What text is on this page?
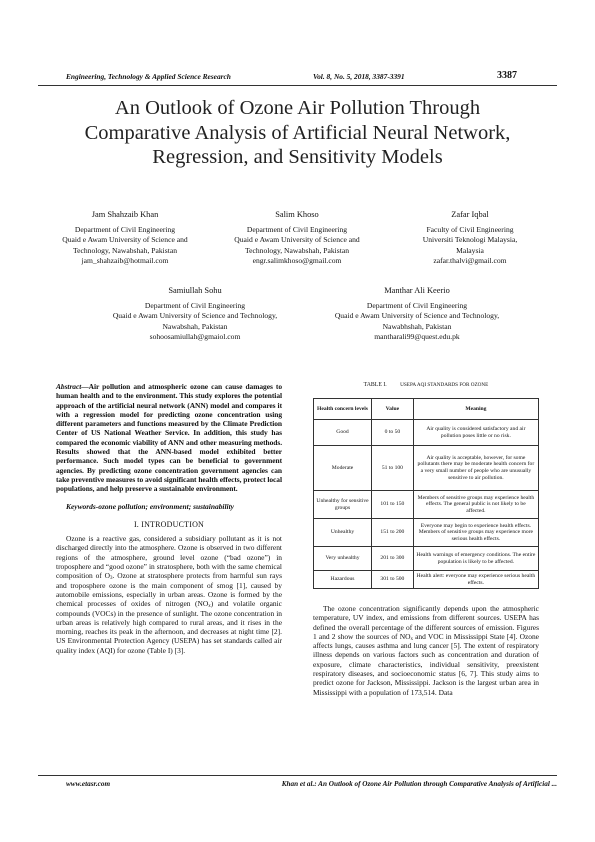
Engineering, Technology & Applied Science Research	Vol. 8, No. 5, 2018, 3387-3391	3387
An Outlook of Ozone Air Pollution Through
Comparative Analysis of Artificial Neural Network,
Regression, and Sensitivity Models
Jam Shahzaib Khan
Department of Civil Engineering
Quaid e Awam University of Science and
Technology, Nawabshah, Pakistan
jam_shahzaib@hotmail.com
Salim Khoso
Department of Civil Engineering
Quaid e Awam University of Science and
Technology, Nawabshah, Pakistan
engr.salimkhoso@gmail.com
Zafar Iqbal
Faculty of Civil Engineering
Universiti Teknologi Malaysia,
Malaysia
zafar.thalvi@gmail.com
Samiullah Sohu
Department of Civil Engineering
Quaid e Awam University of Science and Technology,
Nawabshah, Pakistan
sohoosamiullah@gmaiol.com
Manthar Ali Keerio
Department of Civil Engineering
Quaid e Awam University of Science and Technology,
Nawabhshah, Pakistan
mantharali99@quest.edu.pk
Abstract—Air pollution and atmospheric ozone can cause damages to human health and to the environment. This study explores the potential approach of the artificial neural network (ANN) model and compares it with a regression model for predicting ozone concentration using different parameters and functions measured by the Climate Prediction Center of US National Weather Service. In addition, this study has compared the economic viability of ANN and other measuring methods. Results showed that the ANN-based model exhibited better performance. Such model types can be beneficial to government agencies. By predicting ozone concentration government agencies can take preventive measures to avoid significant health effects, protect local populations, and help preserve a sustainable environment.
Keywords-ozone pollution; environment; sustainability
I. INTRODUCTION
Ozone is a reactive gas, considered a subsidiary pollutant as it is not discharged directly into the atmosphere. Ozone is observed in two different regions of the atmosphere, ground level ozone (“bad ozone”) in troposphere and “good ozone” in stratosphere, both with the same chemical composition of $O_3$. Ozone at stratosphere protects from harmful sun rays and troposphere ozone is the main component of smog [1], caused by automobile emissions, especially in urban areas. Ozone is formed by the chemical processes of oxides of nitrogen $(NO_x)$ and volatile organic compounds (VOCs) in the presence of sunlight. The ozone concentration in urban areas is relatively high compared to rural areas, and it rises in the morning, reaches its peak in the afternoon, and decreases at night time [2]. US Environmental Protection Agency (USEPA) has set standards called air quality index (AQI) for ozone (Table I) [3].
TABLE I.	USEPA AQI STANDARDS FOR OZONE
Health concern levels	Value	Meaning
Good	0 to 50	Air quality is considered satisfactory and air pollution poses little or no risk.
Moderate	51 to 100	Air quality is acceptable, however, for some pollutants there may be moderate health concern for a very small number of people who are unusually sensitive to air pollution.
Unhealthy for sensitive groups	101 to 150	Members of sensitive groups may experience health effects. The general public is not likely to be affected.
Unhealthy	151 to 200	Everyone may begin to experience health effects. Members of sensitive groups may experience more serious health effects.
Very unhealthy	201 to 300	Health warnings of emergency conditions. The entire population is likely to be affected.
Hazardous	301 to 500	Health alert: everyone may experience serious health effects.
The ozone concentration significantly depends upon the atmospheric temperature, UV index, and emissions from different sources. USEPA has defined the overall percentage of the different sources of emission. Figures 1 and 2 show the sources of $NO_x$ and VOC in Mississippi State [4]. Ozone affects lungs, causes asthma and lung cancer [5]. The extent of respiratory illness depends on various factors such as concentration and duration of exposure, climate characteristics, individual sensitivity, preexistent respiratory diseases, and socioeconomic status [6, 7]. This study aims to predict ozone for Jackson, Mississippi. Jackson is the largest urban area in Mississippi with a population of 173,514. Data
www.etasr.com	Khan et al.: An Outlook of Ozone Air Pollution through Comparative Analysis of Artificial ...
